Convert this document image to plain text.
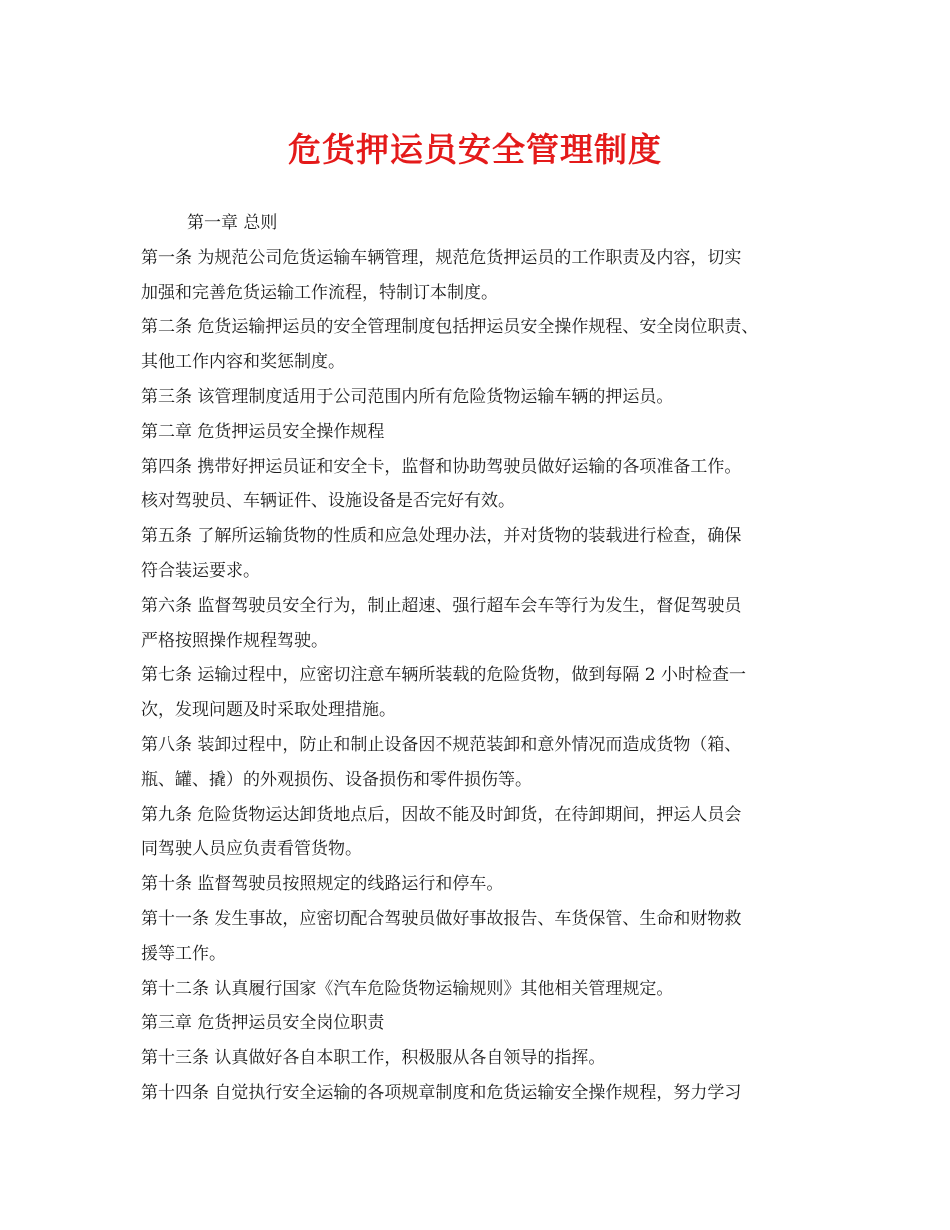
危货押运员安全管理制度
第一章 总则
第一条 为规范公司危货运输车辆管理，规范危货押运员的工作职责及内容，切实
加强和完善危货运输工作流程，特制订本制度。
第二条 危货运输押运员的安全管理制度包括押运员安全操作规程、安全岗位职责、
其他工作内容和奖惩制度。
第三条 该管理制度适用于公司范围内所有危险货物运输车辆的押运员。
第二章 危货押运员安全操作规程
第四条 携带好押运员证和安全卡，监督和协助驾驶员做好运输的各项准备工作。
核对驾驶员、车辆证件、设施设备是否完好有效。
第五条 了解所运输货物的性质和应急处理办法，并对货物的装载进行检查，确保
符合装运要求。
第六条 监督驾驶员安全行为，制止超速、强行超车会车等行为发生，督促驾驶员
严格按照操作规程驾驶。
第七条 运输过程中，应密切注意车辆所装载的危险货物，做到每隔 2 小时检查一
次，发现问题及时采取处理措施。
第八条 装卸过程中，防止和制止设备因不规范装卸和意外情况而造成货物（箱、
瓶、罐、撬）的外观损伤、设备损伤和零件损伤等。
第九条 危险货物运达卸货地点后，因故不能及时卸货，在待卸期间，押运人员会
同驾驶人员应负责看管货物。
第十条 监督驾驶员按照规定的线路运行和停车。
第十一条 发生事故，应密切配合驾驶员做好事故报告、车货保管、生命和财物救
援等工作。
第十二条 认真履行国家《汽车危险货物运输规则》其他相关管理规定。
第三章 危货押运员安全岗位职责
第十三条 认真做好各自本职工作，积极服从各自领导的指挥。
第十四条 自觉执行安全运输的各项规章制度和危货运输安全操作规程，努力学习
